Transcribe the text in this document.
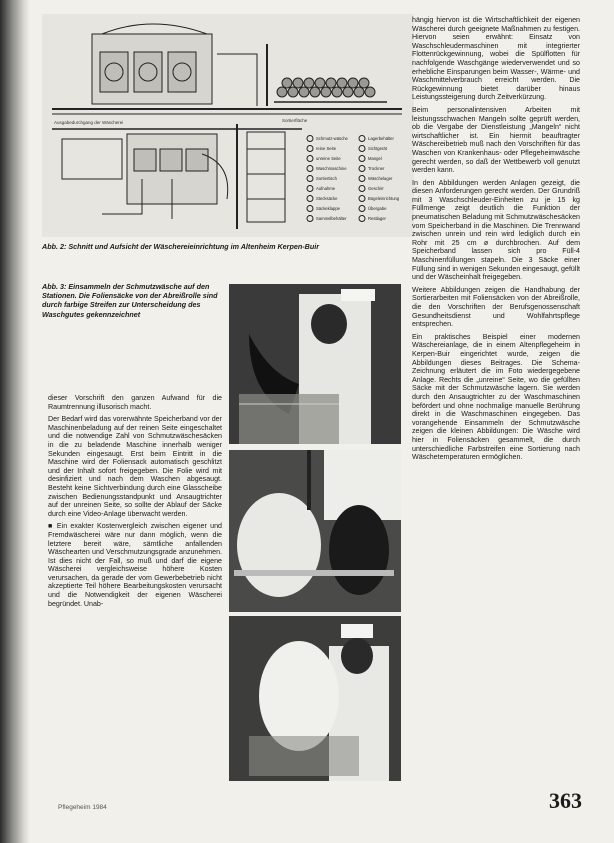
Ausgabedurchgang der Wäscherei	Sortierfläche
Schmutz-wäsche
reine Seite
unreine Seite
Waschmaschine
Sortiertisch
Aufnahme
Stecksäcke
Säckeklappe
Sammelbehälter
Lagerbehälter
Sichtgerät
Mangel
Trockner
Wäschelager
Geschirr
Bügeleinrichtung
Übergabe
Restlager
Abb. 2: Schnitt und Aufsicht der Wäschereieinrichtung im Altenheim Kerpen-Buir
Abb. 3: Einsammeln der Schmutzwäsche auf den Stationen. Die Foliensäcke von der Abreißrolle sind durch farbige Streifen zur Unterscheidung des Waschgutes gekennzeichnet

dieser Vorschrift den ganzen Aufwand für die Raumtrennung illusorisch macht.

Der Bedarf wird das vorerwähnte Speicherband vor der Maschinenbeladung auf der reinen Seite eingeschaltet und die notwendige Zahl von Schmutzwäschesäcken in die zu beladende Maschine innerhalb weniger Sekunden eingesaugt. Erst beim Eintritt in die Maschine wird der Foliensack automatisch geschlitzt und der Inhalt sofort freigegeben. Die Folie wird mit desinfiziert und nach dem Waschen abgesaugt. Besteht keine Sichtverbindung durch eine Glasscheibe zwischen Bedienungsstandpunkt und Ansaugtrichter auf der unreinen Seite, so sollte der Ablauf der Säcke durch eine Video-Anlage überwacht werden.

■ Ein exakter Kostenvergleich zwischen eigener und Fremdwäscherei wäre nur dann möglich, wenn die letztere bereit wäre, sämtliche anfallenden Wäschearten und Verschmutzungsgrade anzunehmen. Ist dies nicht der Fall, so muß und darf die eigene Wäscherei vergleichsweise höhere Kosten verursachen, da gerade der vom Gewerbebetrieb nicht akzeptierte Teil höhere Bearbeitungskosten verursacht und die Notwendigkeit der eigenen Wäscherei begründet. Unab-

hängig hiervon ist die Wirtschaftlichkeit der eigenen Wäscherei durch geeignete Maßnahmen zu festigen. Hiervon seien erwähnt: Einsatz von Waschschleudermaschinen mit integrierter Flottenrückgewinnung, wobei die Spülflotten für nachfolgende Waschgänge wiederverwendet und so erhebliche Einsparungen beim Wasser-, Wärme- und Waschmittelverbrauch erreicht werden. Die Rückgewinnung bietet darüber hinaus Leistungssteigerung durch Zeitverkürzung.

Beim personalintensiven Arbeiten mit leistungsschwachen Mangeln sollte geprüft werden, ob die Vergabe der Dienstleistung „Mangeln“ nicht wirtschaftlicher ist. Ein hiermit beauftragter Wäschereibetrieb muß nach den Vorschriften für das Waschen von Krankenhaus- oder Pflegeheimwäsche gerecht werden, so daß der Wettbewerb voll genutzt werden kann.

In den Abbildungen werden Anlagen gezeigt, die diesen Anforderungen gerecht werden. Der Grundriß mit 3 Waschschleuder-Einheiten zu je 15 kg Füllmenge zeigt deutlich die Funktion der pneumatischen Beladung mit Schmutzwäschesäcken vom Speicherband in die Maschinen. Die Trennwand zwischen unrein und rein wird lediglich durch ein Rohr mit 25 cm ø durchbrochen. Auf dem Speicherband lassen sich pro Füll-4 Maschinenfüllungen stapeln. Die 3 Säcke einer Füllung sind in wenigen Sekunden eingesaugt, gefüllt und der Wäscheinhalt freigegeben.

Weitere Abbildungen zeigen die Handhabung der Sortierarbeiten mit Foliensäcken von der Abreißrolle, die den Vorschriften der Berufsgenossenschaft Gesundheitsdienst und Wohlfahrtspflege entsprechen.

Ein praktisches Beispiel einer modernen Wäschereianlage, die in einem Altenpflegeheim in Kerpen-Buir eingerichtet wurde, zeigen die Abbildungen dieses Beitrages. Die Schema-Zeichnung erläutert die im Foto wiedergegebene Anlage. Rechts die „unreine“ Seite, wo die gefüllten Säcke mit der Schmutzwäsche lagern. Sie werden durch den Ansaugtrichter zu der Waschmaschinen befördert und ohne nochmalige manuelle Berührung direkt in die Waschmaschinen eingegeben. Das vorangehende Einsammeln der Schmutzwäsche zeigen die kleinen Abbildungen: Die Wäsche wird hier in Foliensäcken gesammelt, die durch unterschiedliche Farbstreifen eine Sortierung nach Wäschetemperaturen ermöglichen.

Pflegeheim 1984	363
